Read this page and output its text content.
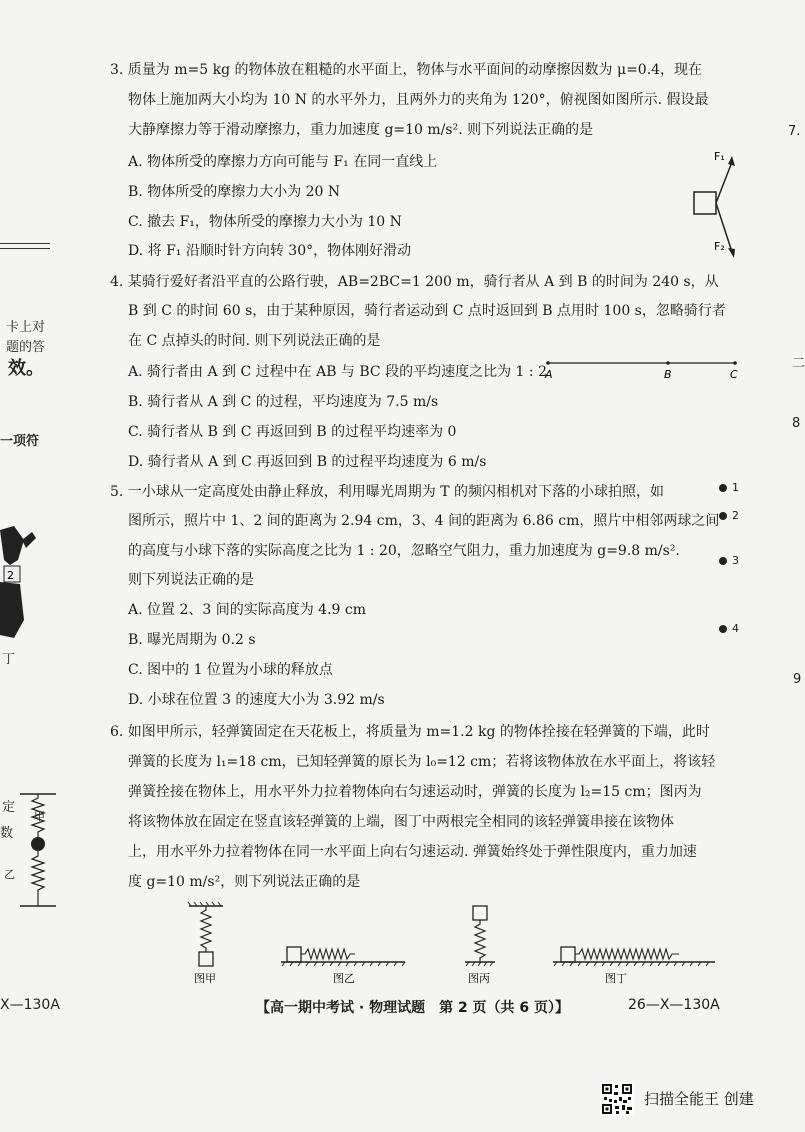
3. 质量为 m=5 kg 的物体放在粗糙的水平面上，物体与水平面间的动摩擦因数为 μ=0.4，现在
物体上施加两大小均为 10 N 的水平外力，且两外力的夹角为 120°，俯视图如图所示. 假设最
大静摩擦力等于滑动摩擦力，重力加速度 g=10 m/s². 则下列说法正确的是
A. 物体所受的摩擦力方向可能与 F₁ 在同一直线上
B. 物体所受的摩擦力大小为 20 N
C. 撤去 F₁，物体所受的摩擦力大小为 10 N
D. 将 F₁ 沿顺时针方向转 30°，物体刚好滑动
F₁
F₂
4. 某骑行爱好者沿平直的公路行驶，AB=2BC=1 200 m，骑行者从 A 到 B 的时间为 240 s，从
B 到 C 的时间 60 s，由于某种原因，骑行者运动到 C 点时返回到 B 点用时 100 s，忽略骑行者
在 C 点掉头的时间. 则下列说法正确的是
A. 骑行者由 A 到 C 过程中在 AB 与 BC 段的平均速度之比为 1 : 2
B. 骑行者从 A 到 C 的过程，平均速度为 7.5 m/s
C. 骑行者从 B 到 C 再返回到 B 的过程平均速率为 0
D. 骑行者从 A 到 C 再返回到 B 的过程平均速度为 6 m/s
A	B	C
5. 一小球从一定高度处由静止释放，利用曝光周期为 T 的频闪相机对下落的小球拍照，如
图所示，照片中 1、2 间的距离为 2.94 cm，3、4 间的距离为 6.86 cm，照片中相邻两球之间
的高度与小球下落的实际高度之比为 1 : 20，忽略空气阻力，重力加速度为 g=9.8 m/s².
则下列说法正确的是
A. 位置 2、3 间的实际高度为 4.9 cm
B. 曝光周期为 0.2 s
C. 图中的 1 位置为小球的释放点
D. 小球在位置 3 的速度大小为 3.92 m/s
1
2
3
4
6. 如图甲所示，轻弹簧固定在天花板上，将质量为 m=1.2 kg 的物体拴接在轻弹簧的下端，此时
弹簧的长度为 l₁=18 cm，已知轻弹簧的原长为 l₀=12 cm；若将该物体放在水平面上，将该轻
弹簧拴接在物体上，用水平外力拉着物体向右匀速运动时，弹簧的长度为 l₂=15 cm；图丙为
将该物体放在固定在竖直该轻弹簧的上端，图丁中两根完全相同的该轻弹簧串接在该物体
上，用水平外力拉着物体在同一水平面上向右匀速运动. 弹簧始终处于弹性限度内，重力加速
度 g=10 m/s²，则下列说法正确的是
图甲	图乙	图丙	图丁
卡上对
题的答
效。
一项符
2
丁
定
数
甲
乙
X—130A
7.
二
8
9
【高一期中考试 · 物理试题　第 2 页（共 6 页）】	26—X—130A
扫描全能王 创建
